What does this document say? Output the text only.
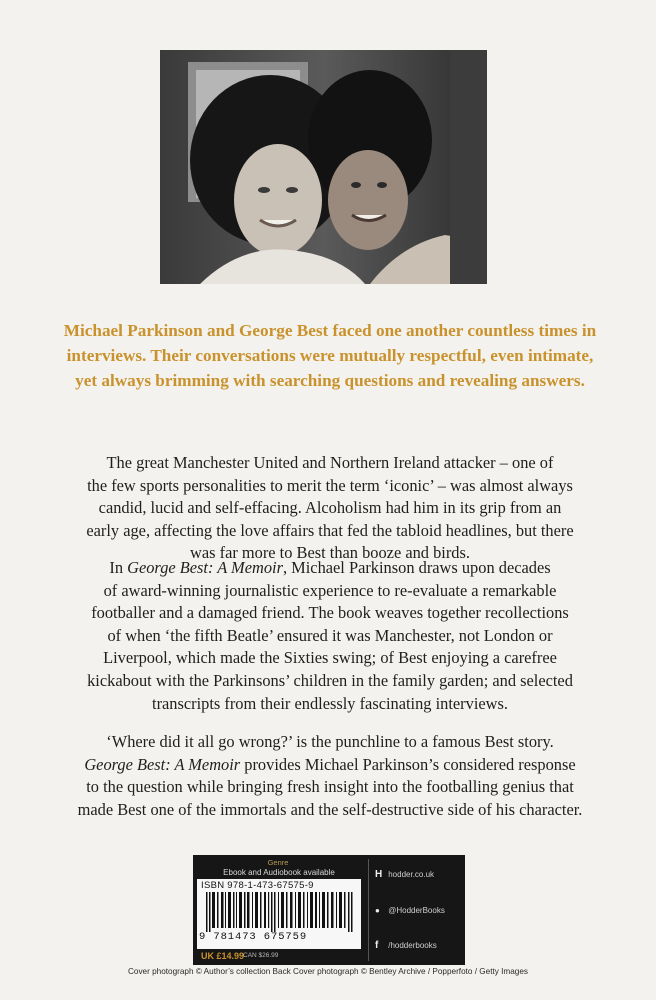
Michael Parkinson and George Best faced one another countless times in
interviews. Their conversations were mutually respectful, even intimate,
yet always brimming with searching questions and revealing answers.
The great Manchester United and Northern Ireland attacker – one of
the few sports personalities to merit the term ‘iconic’ – was almost always
candid, lucid and self-effacing. Alcoholism had him in its grip from an
early age, affecting the love affairs that fed the tabloid headlines, but there
was far more to Best than booze and birds.
In George Best: A Memoir, Michael Parkinson draws upon decades
of award-winning journalistic experience to re-evaluate a remarkable
footballer and a damaged friend. The book weaves together recollections
of when ‘the fifth Beatle’ ensured it was Manchester, not London or
Liverpool, which made the Sixties swing; of Best enjoying a carefree
kickabout with the Parkinsons’ children in the family garden; and selected
transcripts from their endlessly fascinating interviews.
‘Where did it all go wrong?’ is the punchline to a famous Best story.
George Best: A Memoir provides Michael Parkinson’s considered response
to the question while bringing fresh insight into the footballing genius that
made Best one of the immortals and the self-destructive side of his character.
Genre
Ebook and Audiobook available
ISBN 978-1-473-67575-9
9 781473 675759
UK £14.99
CAN $26.99
H hodder.co.uk
● @HodderBooks
f /hodderbooks
Cover photograph © Author’s collection Back Cover photograph © Bentley Archive / Popperfoto / Getty Images
